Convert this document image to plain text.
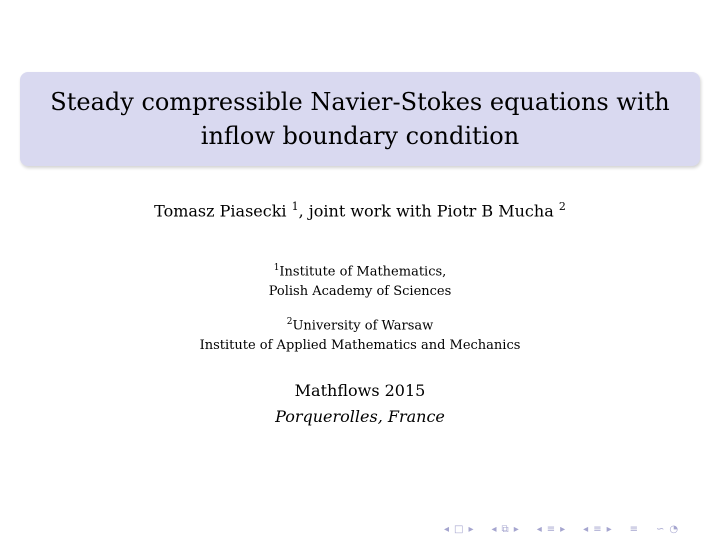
Steady compressible Navier-Stokes equations with
inflow boundary condition
Tomasz Piasecki $^1$, joint work with Piotr B Mucha $^2$
$^1$Institute of Mathematics,
Polish Academy of Sciences
$^2$University of Warsaw
Institute of Applied Mathematics and Mechanics
Mathflows 2015
Porquerolles, France
◂ □ ▸ ◂ ⧉ ▸ ◂ ≡ ▸ ◂ ≡ ▸ ≡ ∽ ◔
